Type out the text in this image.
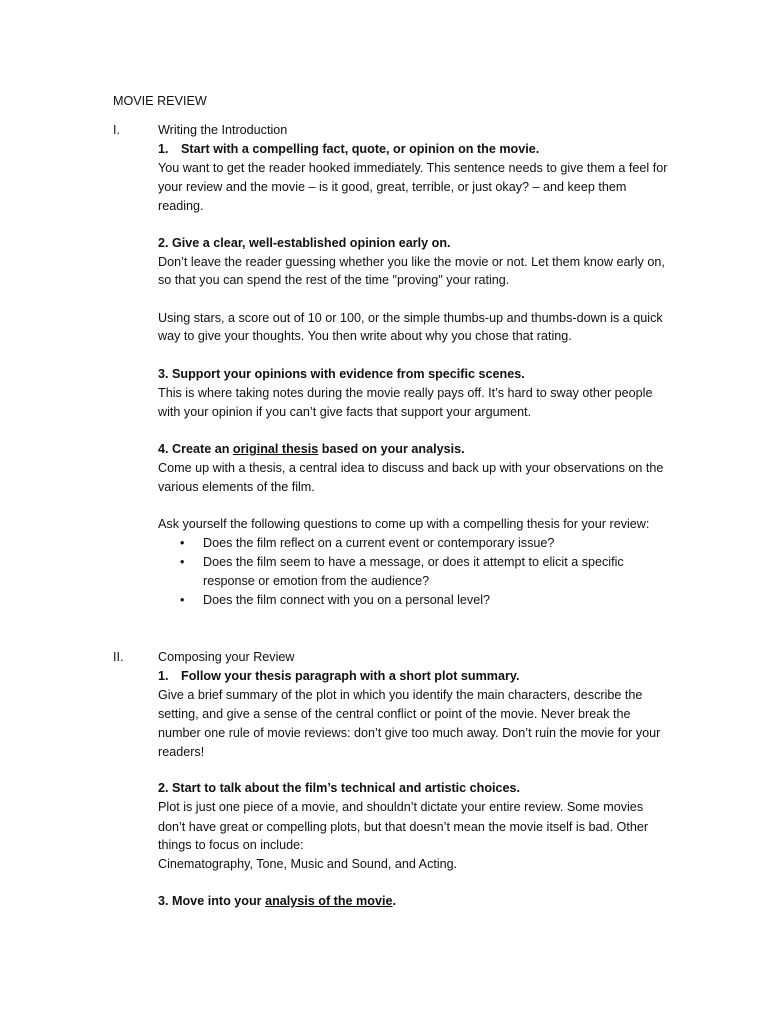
MOVIE REVIEW
I.	Writing the Introduction
1. Start with a compelling fact, quote, or opinion on the movie.
You want to get the reader hooked immediately. This sentence needs to give them a feel for
your review and the movie – is it good, great, terrible, or just okay? – and keep them
reading.
2. Give a clear, well-established opinion early on.
Don’t leave the reader guessing whether you like the movie or not. Let them know early on,
so that you can spend the rest of the time "proving" your rating.
Using stars, a score out of 10 or 100, or the simple thumbs-up and thumbs-down is a quick
way to give your thoughts. You then write about why you chose that rating.
3. Support your opinions with evidence from specific scenes.
This is where taking notes during the movie really pays off. It’s hard to sway other people
with your opinion if you can’t give facts that support your argument.
4. Create an original thesis based on your analysis.
Come up with a thesis, a central idea to discuss and back up with your observations on the
various elements of the film.
Ask yourself the following questions to come up with a compelling thesis for your review:
• Does the film reflect on a current event or contemporary issue?
• Does the film seem to have a message, or does it attempt to elicit a specific
response or emotion from the audience?
• Does the film connect with you on a personal level?
II.	Composing your Review
1. Follow your thesis paragraph with a short plot summary.
Give a brief summary of the plot in which you identify the main characters, describe the
setting, and give a sense of the central conflict or point of the movie. Never break the
number one rule of movie reviews: don’t give too much away. Don’t ruin the movie for your
readers!
2. Start to talk about the film’s technical and artistic choices.
Plot is just one piece of a movie, and shouldn’t dictate your entire review. Some movies
don’t have great or compelling plots, but that doesn’t mean the movie itself is bad. Other
things to focus on include:
Cinematography, Tone, Music and Sound, and Acting.
3. Move into your analysis of the movie.
